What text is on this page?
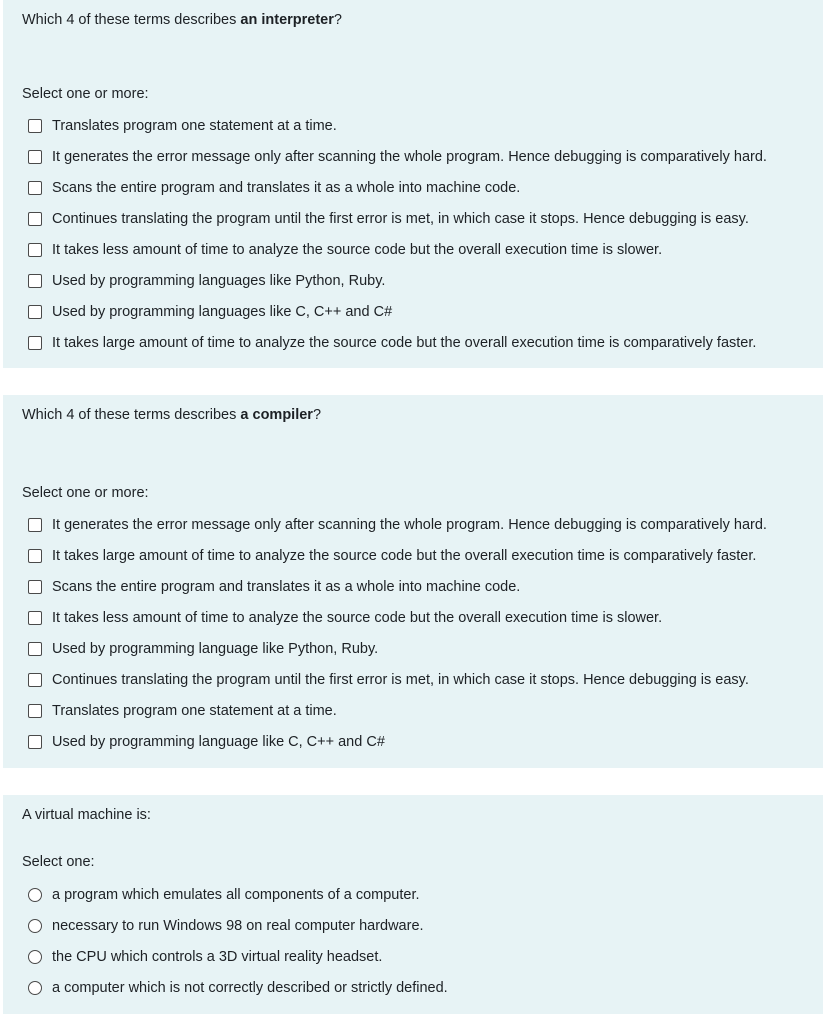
Which 4 of these terms describes an interpreter?
Select one or more:
Translates program one statement at a time.
It generates the error message only after scanning the whole program. Hence debugging is comparatively hard.
Scans the entire program and translates it as a whole into machine code.
Continues translating the program until the first error is met, in which case it stops. Hence debugging is easy.
It takes less amount of time to analyze the source code but the overall execution time is slower.
Used by programming languages like Python, Ruby.
Used by programming languages like C, C++ and C#
It takes large amount of time to analyze the source code but the overall execution time is comparatively faster.
Which 4 of these terms describes a compiler?
Select one or more:
It generates the error message only after scanning the whole program. Hence debugging is comparatively hard.
It takes large amount of time to analyze the source code but the overall execution time is comparatively faster.
Scans the entire program and translates it as a whole into machine code.
It takes less amount of time to analyze the source code but the overall execution time is slower.
Used by programming language like Python, Ruby.
Continues translating the program until the first error is met, in which case it stops. Hence debugging is easy.
Translates program one statement at a time.
Used by programming language like C, C++ and C#
A virtual machine is:
Select one:
a program which emulates all components of a computer.
necessary to run Windows 98 on real computer hardware.
the CPU which controls a 3D virtual reality headset.
a computer which is not correctly described or strictly defined.
